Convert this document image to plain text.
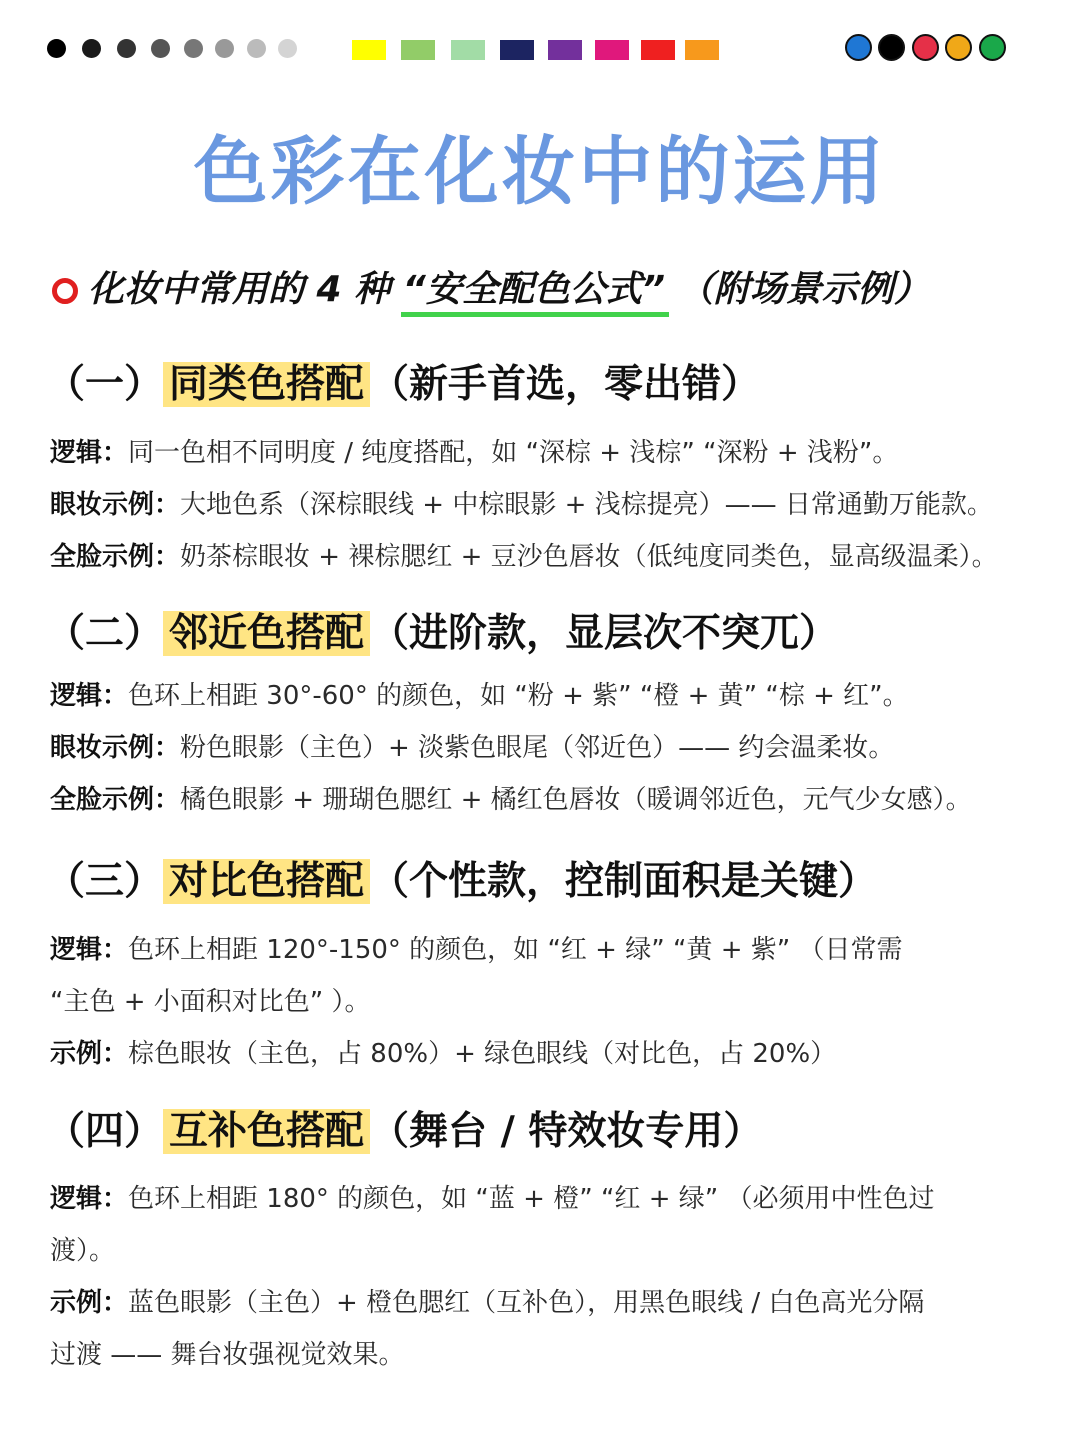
色彩在化妆中的运用
化妆中常用的 4 种 “安全配色公式” （附场景示例）
（一） 同类色搭配 （新手首选，零出错）
逻辑：同一色相不同明度 / 纯度搭配，如 “深棕 + 浅棕” “深粉 + 浅粉”。
眼妆示例：大地色系（深棕眼线 + 中棕眼影 + 浅棕提亮）—— 日常通勤万能款。
全脸示例：奶茶棕眼妆 + 裸棕腮红 + 豆沙色唇妆（低纯度同类色，显高级温柔）。
（二） 邻近色搭配 （进阶款，显层次不突兀）
逻辑：色环上相距 30°-60° 的颜色，如 “粉 + 紫” “橙 + 黄” “棕 + 红”。
眼妆示例：粉色眼影（主色）+ 淡紫色眼尾（邻近色）—— 约会温柔妆。
全脸示例：橘色眼影 + 珊瑚色腮红 + 橘红色唇妆（暖调邻近色，元气少女感）。
（三） 对比色搭配 （个性款，控制面积是关键）
逻辑：色环上相距 120°-150° 的颜色，如 “红 + 绿” “黄 + 紫” （日常需
“主色 + 小面积对比色” ）。
示例：棕色眼妆（主色，占 80%）+ 绿色眼线（对比色，占 20%）
（四） 互补色搭配 （舞台 / 特效妆专用）
逻辑：色环上相距 180° 的颜色，如 “蓝 + 橙” “红 + 绿” （必须用中性色过
渡）。
示例：蓝色眼影（主色）+ 橙色腮红（互补色），用黑色眼线 / 白色高光分隔
过渡 —— 舞台妆强视觉效果。
